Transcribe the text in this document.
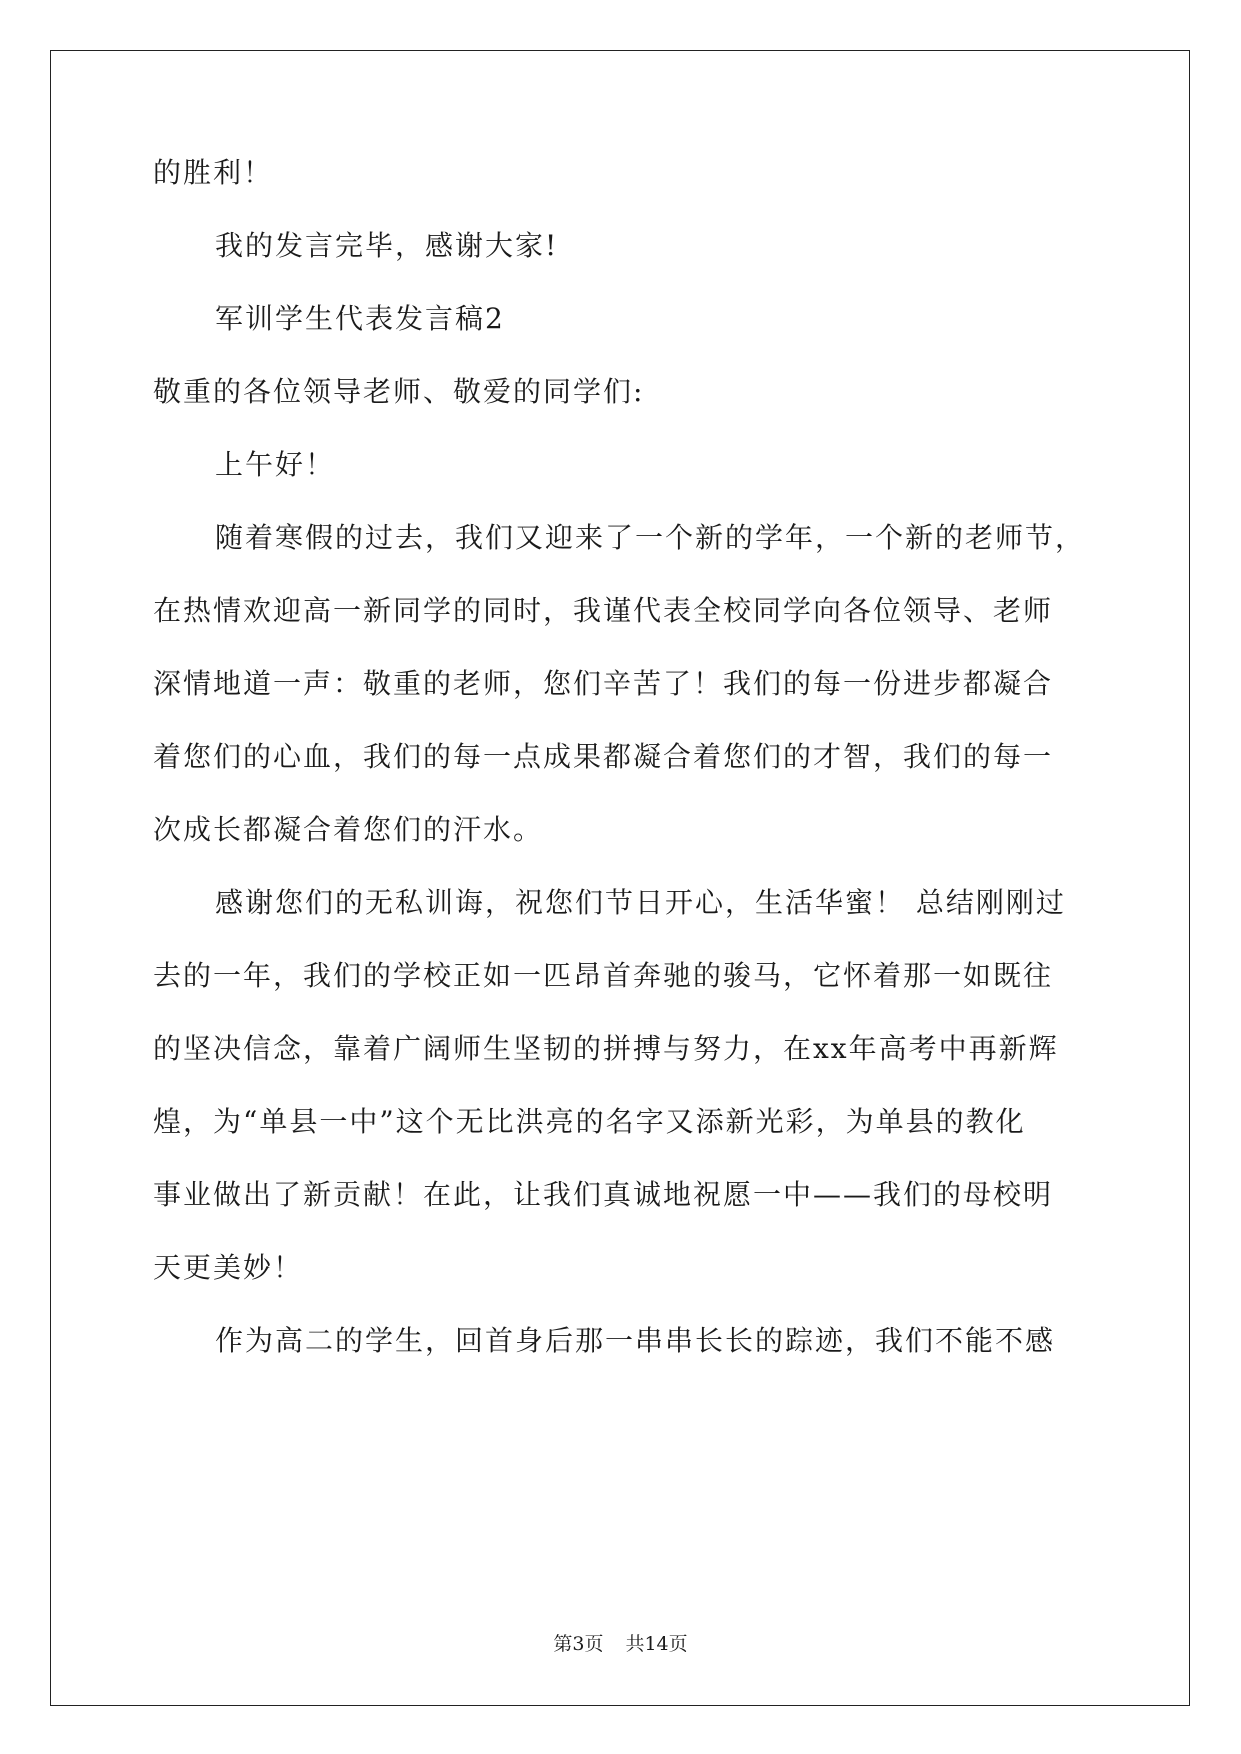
的胜利！
我的发言完毕，感谢大家!
军训学生代表发言稿2
敬重的各位领导老师、敬爱的同学们:
上午好！
随着寒假的过去，我们又迎来了一个新的学年，一个新的老师节，
在热情欢迎高一新同学的同时，我谨代表全校同学向各位领导、老师
深情地道一声：敬重的老师，您们辛苦了！我们的每一份进步都凝合
着您们的心血，我们的每一点成果都凝合着您们的才智，我们的每一
次成长都凝合着您们的汗水。
感谢您们的无私训诲，祝您们节日开心，生活华蜜！ 总结刚刚过
去的一年，我们的学校正如一匹昂首奔驰的骏马，它怀着那一如既往
的坚决信念，靠着广阔师生坚韧的拼搏与努力，在xx年高考中再新辉
煌，为“单县一中”这个无比洪亮的名字又添新光彩，为单县的教化
事业做出了新贡献！在此，让我们真诚地祝愿一中——我们的母校明
天更美妙！
作为高二的学生，回首身后那一串串长长的踪迹，我们不能不感
第3页 共14页
